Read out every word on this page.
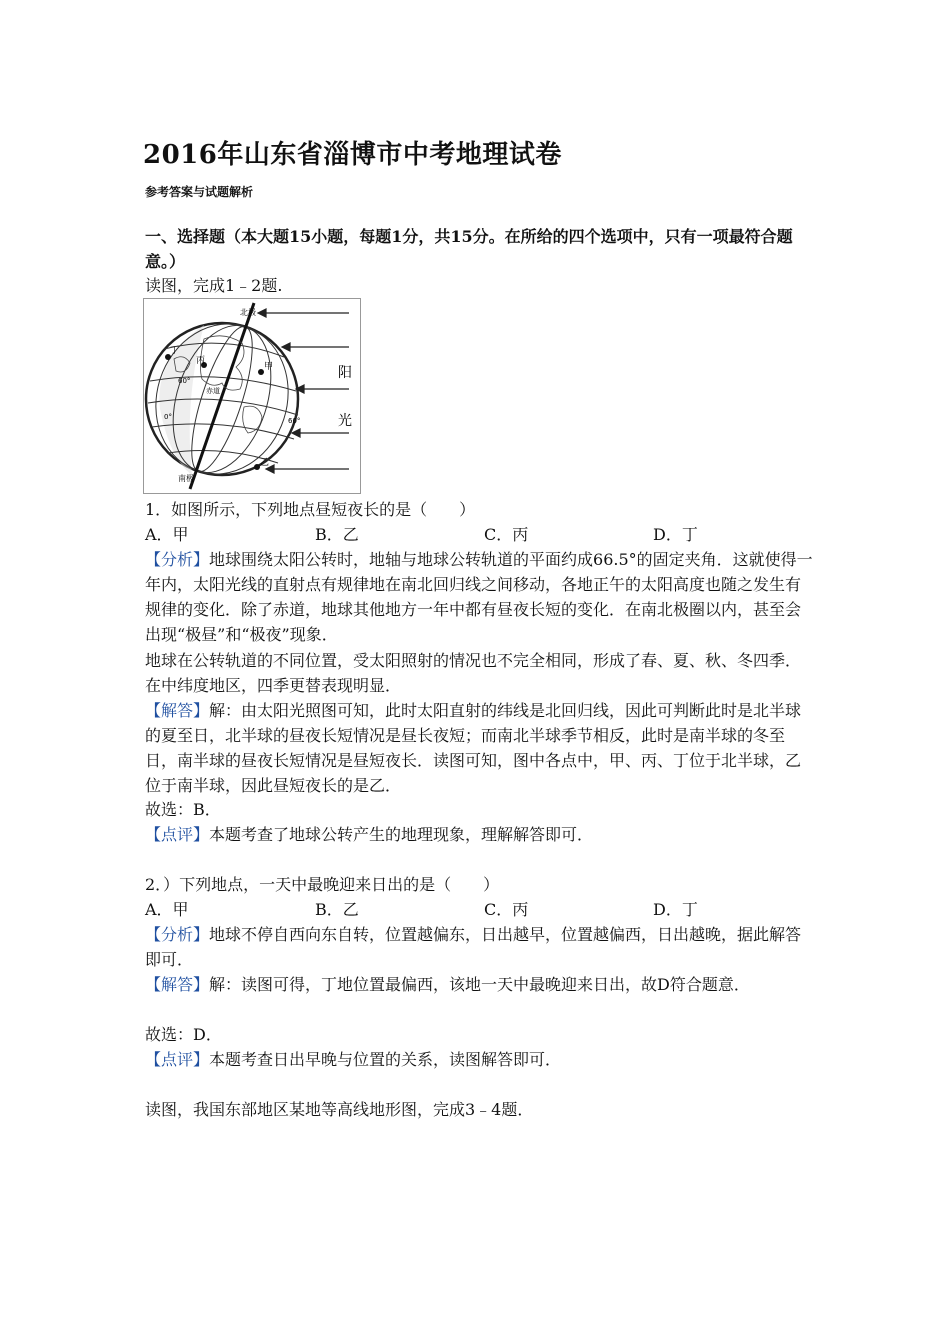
2016年山东省淄博市中考地理试卷
参考答案与试题解析
一、选择题（本大题15小题，每题1分，共15分。在所给的四个选项中，只有一项最符合题意。）
读图，完成1﹣2题.
北极
南极
甲
乙
丙
丁
60°
60°
0°
赤道
阳
光
1．如图所示，下列地点昼短夜长的是（　　）
A．甲	B．乙	C．丙	D．丁
【分析】地球围绕太阳公转时，地轴与地球公转轨道的平面约成66.5°的固定夹角．这就使得一年内，太阳光线的直射点有规律地在南北回归线之间移动，各地正午的太阳高度也随之发生有规律的变化．除了赤道，地球其他地方一年中都有昼夜长短的变化．在南北极圈以内，甚至会出现“极昼”和“极夜”现象．
地球在公转轨道的不同位置，受太阳照射的情况也不完全相同，形成了春、夏、秋、冬四季．在中纬度地区，四季更替表现明显．
【解答】解：由太阳光照图可知，此时太阳直射的纬线是北回归线，因此可判断此时是北半球的夏至日，北半球的昼夜长短情况是昼长夜短；而南北半球季节相反，此时是南半球的冬至日，南半球的昼夜长短情况是昼短夜长．读图可知，图中各点中，甲、丙、丁位于北半球，乙位于南半球，因此昼短夜长的是乙．
故选：B．
【点评】本题考查了地球公转产生的地理现象，理解解答即可．
2．）下列地点，一天中最晚迎来日出的是（　　）
A．甲	B．乙	C．丙	D．丁
【分析】地球不停自西向东自转，位置越偏东，日出越早，位置越偏西，日出越晚，据此解答即可．
【解答】解：读图可得，丁地位置最偏西，该地一天中最晚迎来日出，故D符合题意．
故选：D．
【点评】本题考查日出早晚与位置的关系，读图解答即可．
读图，我国东部地区某地等高线地形图，完成3﹣4题．
